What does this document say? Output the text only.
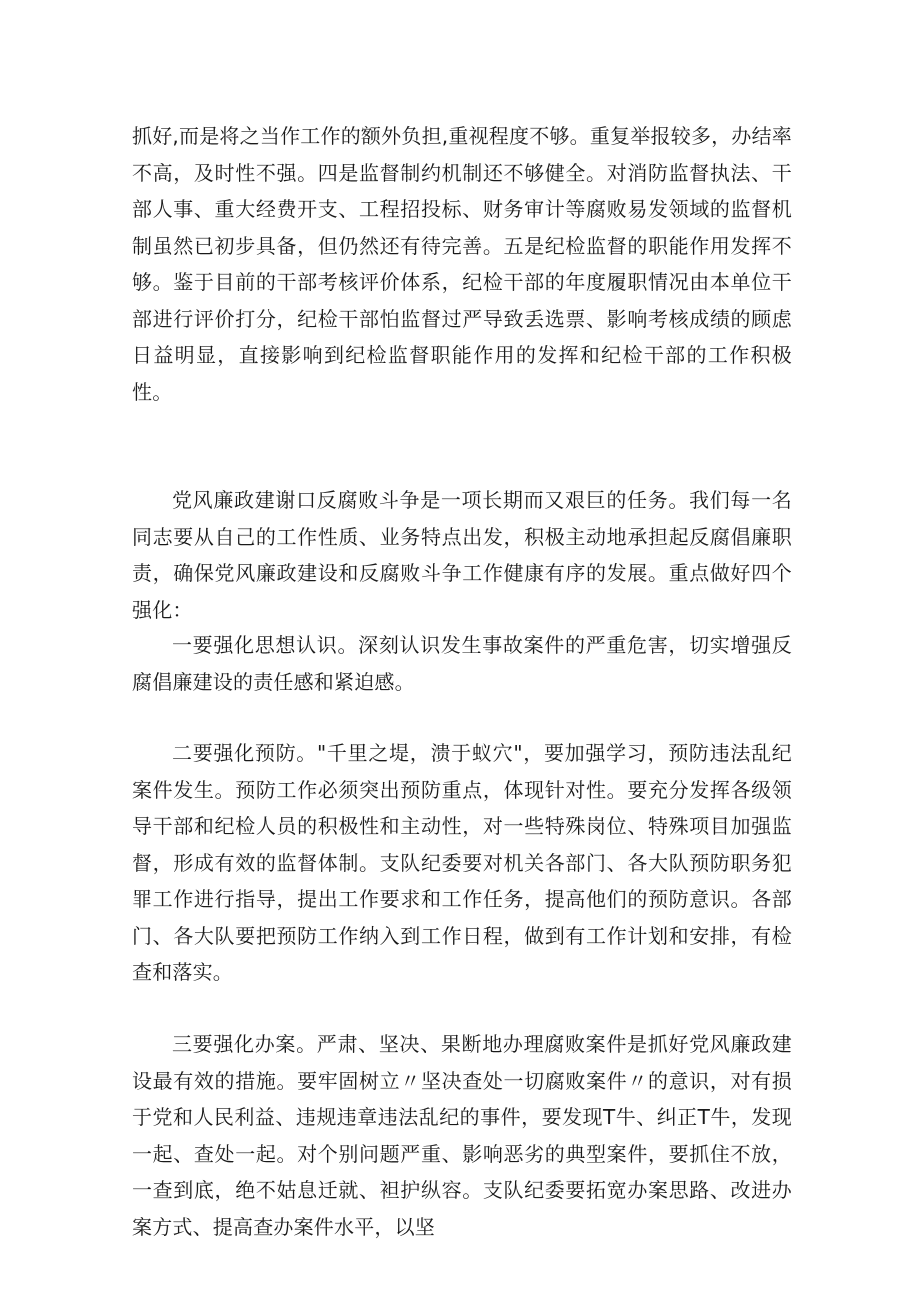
抓好,而是将之当作工作的额外负担,重视程度不够。重复举报较多，办结率不高，及时性不强。四是监督制约机制还不够健全。对消防监督执法、干部人事、重大经费开支、工程招投标、财务审计等腐败易发领域的监督机制虽然已初步具备，但仍然还有待完善。五是纪检监督的职能作用发挥不够。鉴于目前的干部考核评价体系，纪检干部的年度履职情况由本单位干部进行评价打分，纪检干部怕监督过严导致丢选票、影响考核成绩的顾虑日益明显，直接影响到纪检监督职能作用的发挥和纪检干部的工作积极性。

党风廉政建谢口反腐败斗争是一项长期而又艰巨的任务。我们每一名同志要从自己的工作性质、业务特点出发，积极主动地承担起反腐倡廉职责，确保党风廉政建设和反腐败斗争工作健康有序的发展。重点做好四个强化：

一要强化思想认识。深刻认识发生事故案件的严重危害，切实增强反腐倡廉建设的责任感和紧迫感。

二要强化预防。"千里之堤，溃于蚁穴"，要加强学习，预防违法乱纪案件发生。预防工作必须突出预防重点，体现针对性。要充分发挥各级领导干部和纪检人员的积极性和主动性，对一些特殊岗位、特殊项目加强监督，形成有效的监督体制。支队纪委要对机关各部门、各大队预防职务犯罪工作进行指导，提出工作要求和工作任务，提高他们的预防意识。各部门、各大队要把预防工作纳入到工作日程，做到有工作计划和安排，有检查和落实。

三要强化办案。严肃、坚决、果断地办理腐败案件是抓好党风廉政建设最有效的措施。要牢固树立〃坚决查处一切腐败案件〃的意识，对有损于党和人民利益、违规违章违法乱纪的事件，要发现T牛、纠正T牛，发现一起、查处一起。对个别问题严重、影响恶劣的典型案件，要抓住不放，一查到底，绝不姑息迁就、袒护纵容。支队纪委要拓宽办案思路、改进办案方式、提高查办案件水平，以坚
